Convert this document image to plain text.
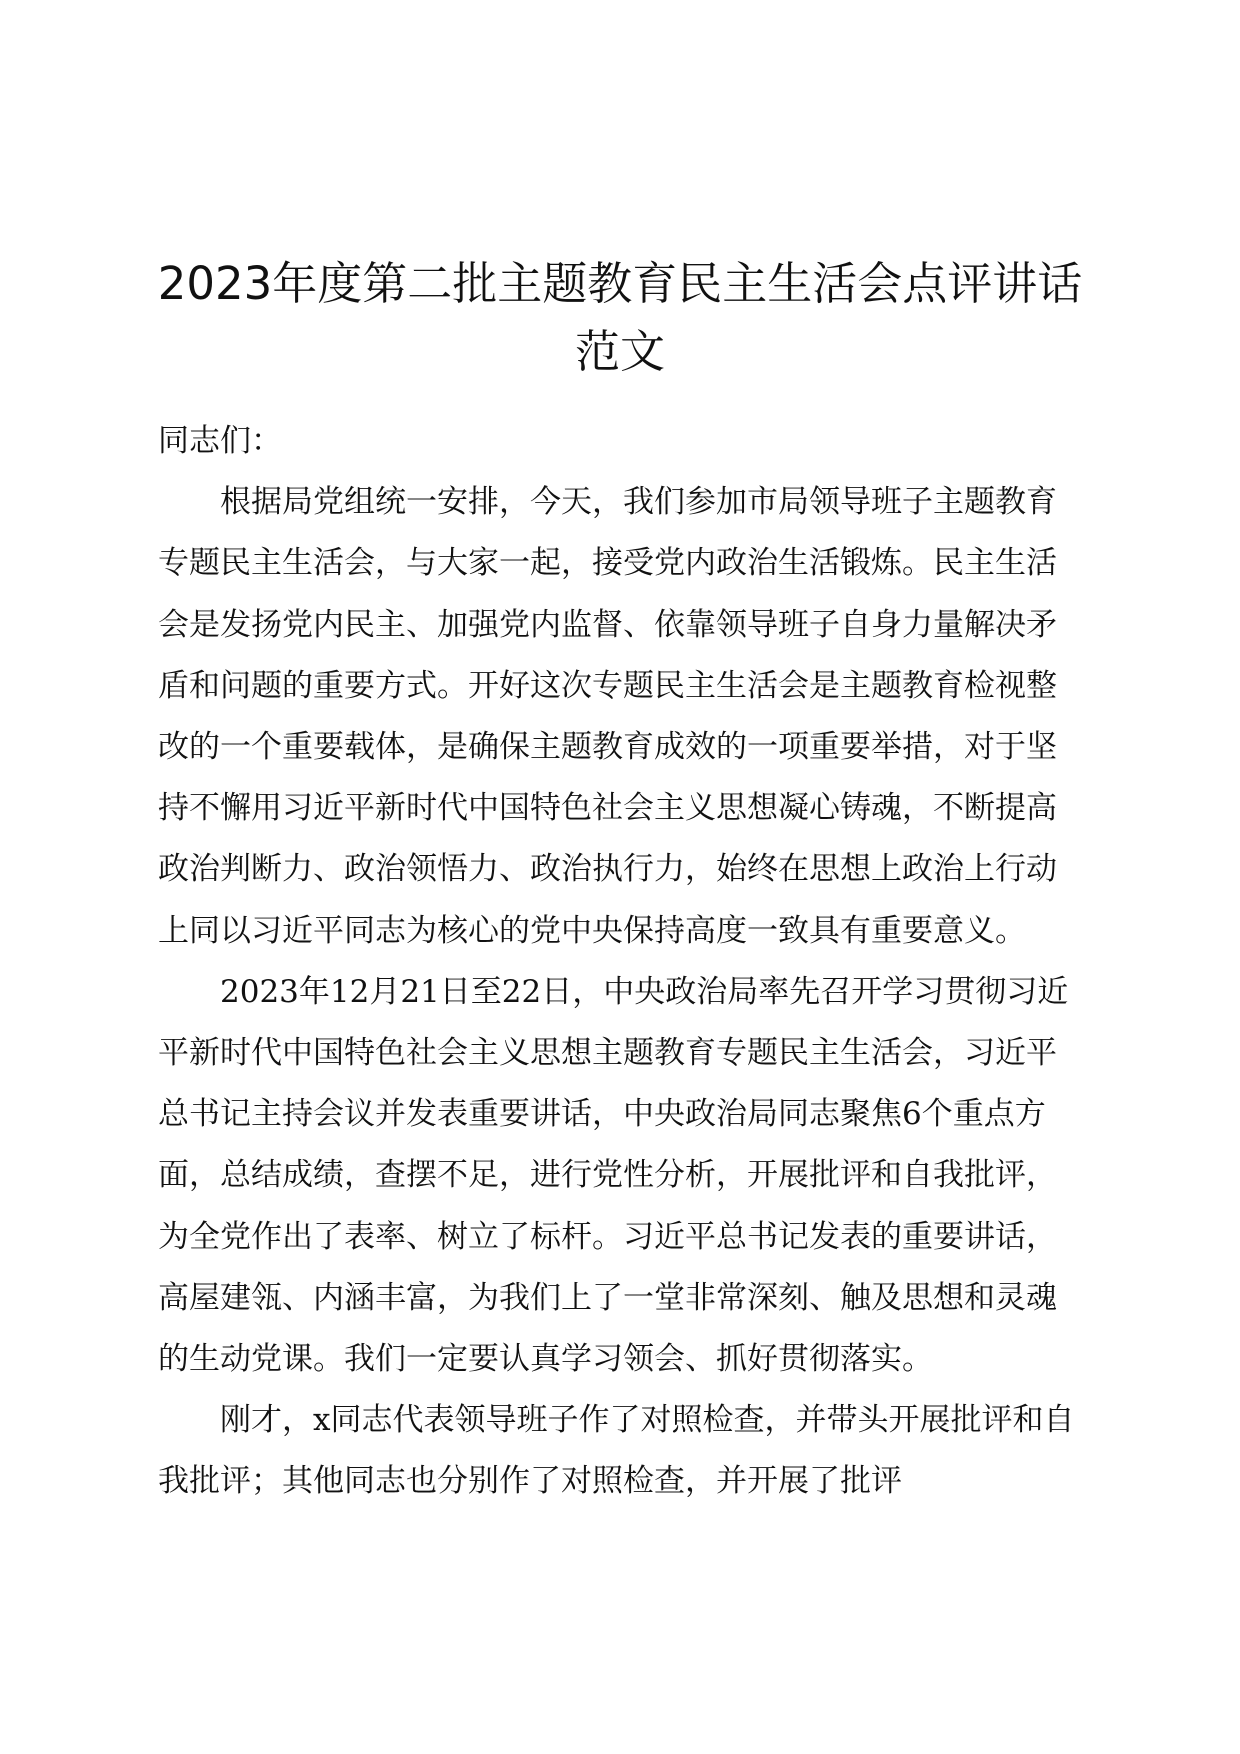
2023年度第二批主题教育民主生活会点评讲话范文

同志们：

根据局党组统一安排，今天，我们参加市局领导班子主题教育专题民主生活会，与大家一起，接受党内政治生活锻炼。民主生活会是发扬党内民主、加强党内监督、依靠领导班子自身力量解决矛盾和问题的重要方式。开好这次专题民主生活会是主题教育检视整改的一个重要载体，是确保主题教育成效的一项重要举措，对于坚持不懈用习近平新时代中国特色社会主义思想凝心铸魂，不断提高政治判断力、政治领悟力、政治执行力，始终在思想上政治上行动上同以习近平同志为核心的党中央保持高度一致具有重要意义。

2023年12月21日至22日，中央政治局率先召开学习贯彻习近平新时代中国特色社会主义思想主题教育专题民主生活会，习近平总书记主持会议并发表重要讲话，中央政治局同志聚焦6个重点方面，总结成绩，查摆不足，进行党性分析，开展批评和自我批评，为全党作出了表率、树立了标杆。习近平总书记发表的重要讲话，高屋建瓴、内涵丰富，为我们上了一堂非常深刻、触及思想和灵魂的生动党课。我们一定要认真学习领会、抓好贯彻落实。

刚才，x同志代表领导班子作了对照检查，并带头开展批评和自我批评；其他同志也分别作了对照检查，并开展了批评
